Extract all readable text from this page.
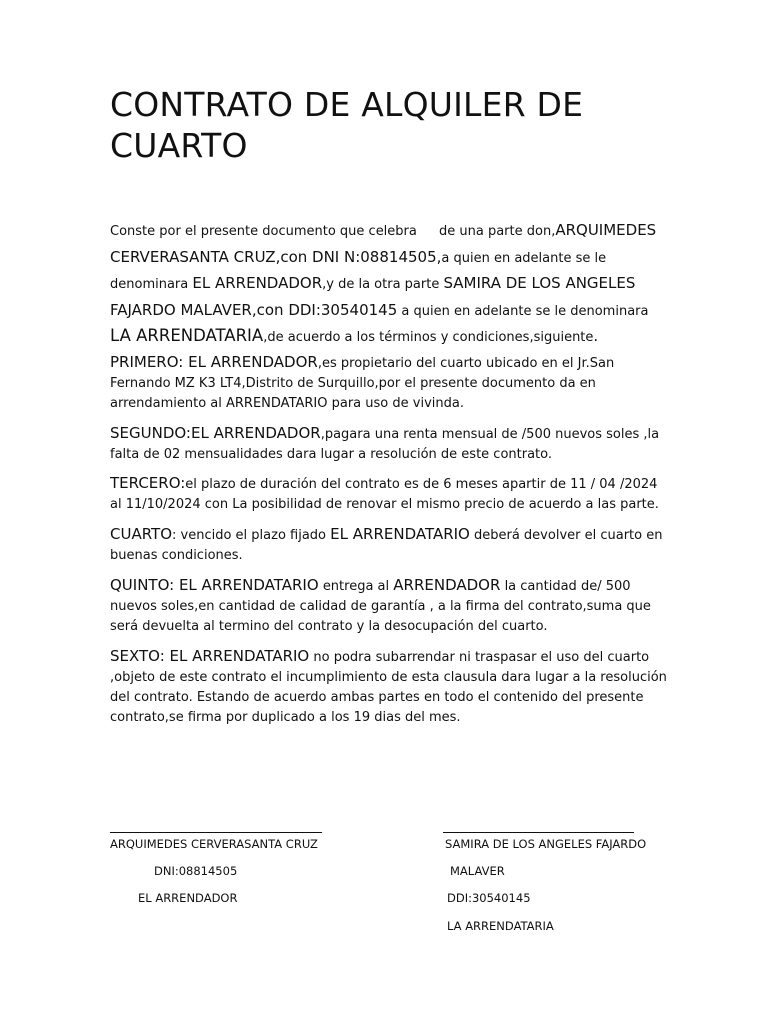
CONTRATO DE ALQUILER DE
CUARTO

Conste por el presente documento que celebra de una parte don,ARQUIMEDES CERVERASANTA CRUZ,con DNI N:08814505,a quien en adelante se le denominara EL ARRENDADOR,y de la otra parte SAMIRA DE LOS ANGELES FAJARDO MALAVER,con DDI:30540145 a quien en adelante se le denominara LA ARRENDATARIA,de acuerdo a los términos y condiciones,siguiente.

PRIMERO: EL ARRENDADOR,es propietario del cuarto ubicado en el Jr.San Fernando MZ K3 LT4,Distrito de Surquillo,por el presente documento da en arrendamiento al ARRENDATARIO para uso de vivinda.

SEGUNDO:EL ARRENDADOR,pagara una renta mensual de /500 nuevos soles ,la falta de 02 mensualidades dara lugar a resolución de este contrato.

TERCERO:el plazo de duración del contrato es de 6 meses apartir de 11 / 04 /2024 al 11/10/2024 con La posibilidad de renovar el mismo precio de acuerdo a las parte.

CUARTO: vencido el plazo fijado EL ARRENDATARIO deberá devolver el cuarto en buenas condiciones.

QUINTO: EL ARRENDATARIO entrega al ARRENDADOR la cantidad de/ 500 nuevos soles,en cantidad de calidad de garantía , a la firma del contrato,suma que será devuelta al termino del contrato y la desocupación del cuarto.

SEXTO: EL ARRENDATARIO no podra subarrendar ni traspasar el uso del cuarto ,objeto de este contrato el incumplimiento de esta clausula dara lugar a la resolución del contrato. Estando de acuerdo ambas partes en todo el contenido del presente contrato,se firma por duplicado a los 19 dias del mes.

ARQUIMEDES CERVERASANTA CRUZ
DNI:08814505
EL ARRENDADOR
SAMIRA DE LOS ANGELES FAJARDO
MALAVER
DDI:30540145
LA ARRENDATARIA
